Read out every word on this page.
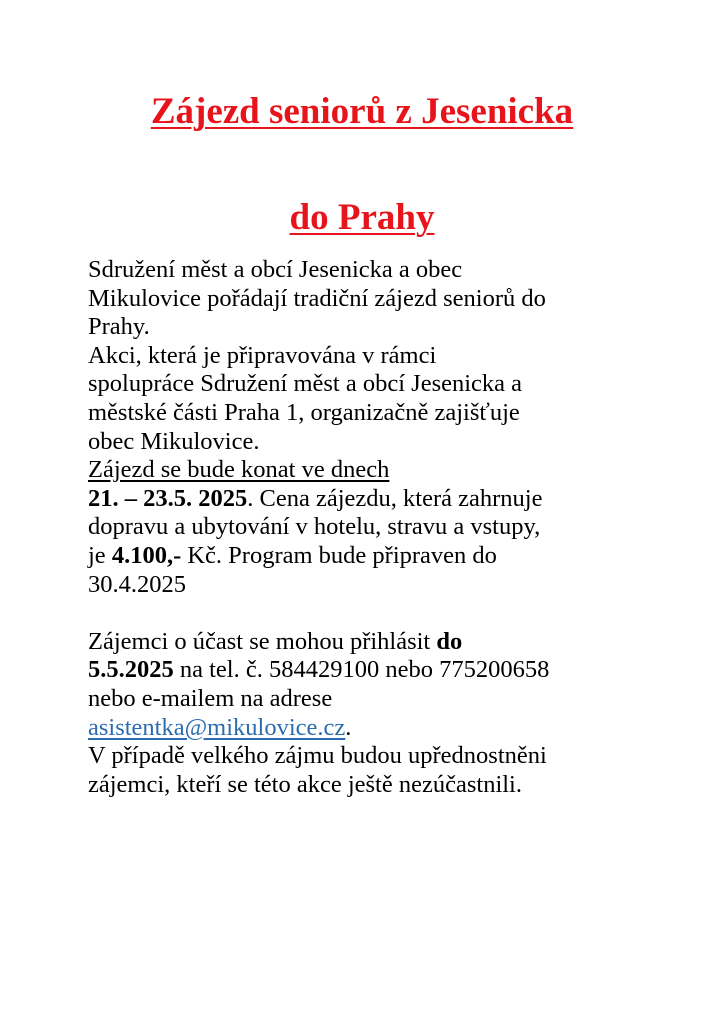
Zájezd seniorů z Jesenicka
do Prahy

Sdružení měst a obcí Jesenicka a obec

Mikulovice pořádají tradiční zájezd seniorů do

Prahy.

Akci, která je připravována v rámci

spolupráce Sdružení měst a obcí Jesenicka a

městské části Praha 1, organizačně zajišťuje

obec Mikulovice.

Zájezd se bude konat ve dnech

21. – 23.5. 2025. Cena zájezdu, která zahrnuje

dopravu a ubytování v hotelu, stravu a vstupy,

je 4.100,- Kč. Program bude připraven do

30.4.2025

Zájemci o účast se mohou přihlásit do

5.5.2025 na tel. č. 584429100 nebo 775200658

nebo e-mailem na adrese

asistentka@mikulovice.cz.

V případě velkého zájmu budou upřednostněni

zájemci, kteří se této akce ještě nezúčastnili.
